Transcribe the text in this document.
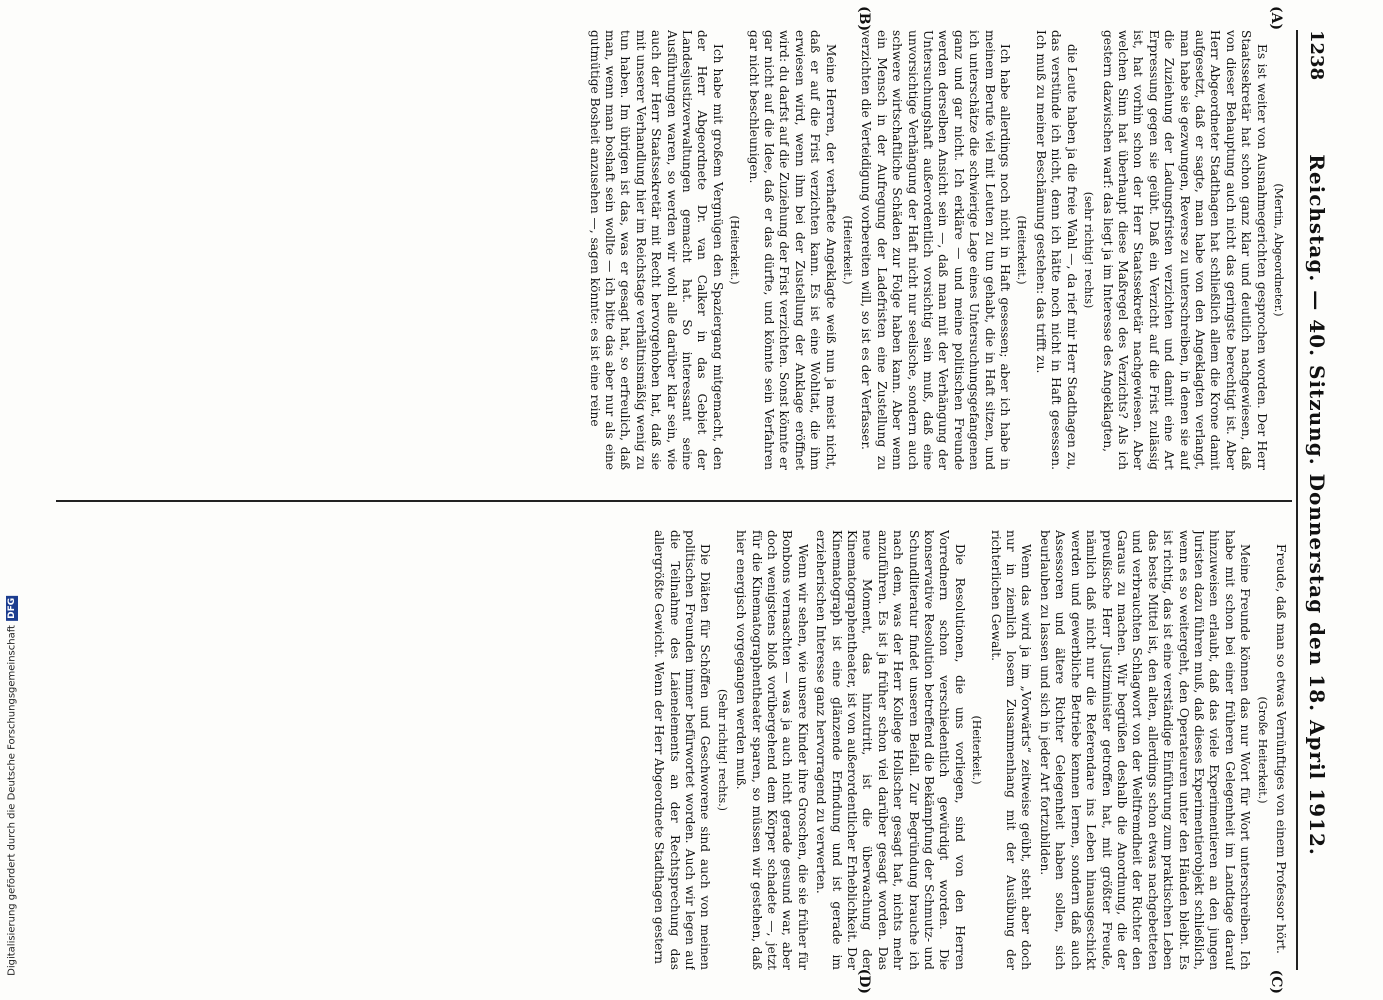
1238
Reichstag. — 40. Sitzung. Donnerstag den 18. April 1912.
(A)
(B)
(C)
(D)

(Mertin, Abgeordneter.)

Es ist weiter von Ausnahmegerichten gesprochen worden. Der Herr Staatssekretär hat schon ganz klar und deutlich nachgewiesen, daß von dieser Behauptung auch nicht das geringste berechtigt ist. Aber Herr Abgeordneter Stadthagen hat schließlich allem die Krone damit aufgesetzt, daß er sagte, man habe von den Angeklagten verlangt, man habe sie gezwungen, Reverse zu unterschreiben, in denen sie auf die Zuziehung der Ladungsfristen verzichten und damit eine Art Erpressung gegen sie geübt. Daß ein Verzicht auf die Frist zulässig ist, hat vorhin schon der Herr Staatssekretär nachgewiesen. Aber welchen Sinn hat überhaupt diese Maßregel des Verzichts? Als ich gestern dazwischen warf: das liegt ja im Interesse des Angeklagten,

(sehr richtig! rechts)

die Leute haben ja die freie Wahl —, da rief mir Herr Stadthagen zu, das verstünde ich nicht, denn ich hätte noch nicht in Haft gesessen. Ich muß zu meiner Beschämung gestehen: das trifft zu.

(Heiterkeit.)

Ich habe allerdings noch nicht in Haft gesessen; aber ich habe in meinem Berufe viel mit Leuten zu tun gehabt, die in Haft sitzen, und ich unterschätze die schwierige Lage eines Untersuchungsgefangenen ganz und gar nicht. Ich erkläre — und meine politischen Freunde werden derselben Ansicht sein —, daß man mit der Verhängung der Untersuchungshaft außerordentlich vorsichtig sein muß, daß eine unvorsichtige Verhängung der Haft nicht nur seelische, sondern auch schwere wirtschaftliche Schäden zur Folge haben kann. Aber wenn ein Mensch in der Aufregung der Ladefristen eine Zustellung zu verzichten die Verteidigung vorbereiten will, so ist es der Verfasser.

(Heiterkeit.)

Meine Herren, der verhaftete Angeklagte weiß nun ja meist nicht, daß er auf die Frist verzichten kann. Es ist eine Wohltat, die ihm erwiesen wird, wenn ihm bei der Zustellung der Anklage eröffnet wird: du darfst auf die Zuziehung der Frist verzichten. Sonst könnte er gar nicht auf die Idee, daß er das dürfte, und könnte sein Verfahren gar nicht beschleunigen.

(Heiterkeit.)

Ich habe mit großem Vergnügen den Spaziergang mitgemacht, den der Herr Abgeordnete Dr. van Calker in das Gebiet der Landesjustizverwaltungen gemacht hat. So interessant seine Ausführungen waren, so werden wir wohl alle darüber klar sein, wie auch der Herr Staatssekretär mit Recht hervorgehoben hat, daß sie mit unserer Verhandlung hier im Reichstage verhältnismäßig wenig zu tun haben. Im übrigen ist das, was er gesagt hat, so erfreulich, daß man, wenn man boshaft sein wollte — ich bitte das aber nur als eine gutmütige Bosheit anzusehen —, sagen könnte: es ist eine reine

Freude, daß man so etwas Vernünftiges von einem Professor hört.

(Große Heiterkeit.)

Meine Freunde können das nur Wort für Wort unterschreiben. Ich habe mit schon bei einer früheren Gelegenheit im Landtage darauf hinzuweisen erlaubt, daß das viele Experimentieren an den jungen Juristen dazu führen muß, daß dieses Experimentierobjekt schließlich, wenn es so weitergeht, den Operateuren unter den Händen bleibt. Es ist richtig, das ist eine verständige Einführung zum praktischen Leben das beste Mittel ist, den alten, allerdings schon etwas nachgebetteten und verbrauchten Schlagwort von der Weltfremdheit der Richter den Garaus zu machen. Wir begrüßen deshalb die Anordnung, die der preußische Herr Justizminister getroffen hat, mit größter Freude, nämlich daß nicht nur die Referendare ins Leben hinausgeschickt werden und gewerbliche Betriebe kennen lernen, sondern daß auch Assessoren und ältere Richter Gelegenheit haben sollen, sich beurlauben zu lassen und sich in jeder Art fortzubilden.

Wenn das wird ja im „Vorwärts“ zeitweise geübt, steht aber doch nur in ziemlich losem Zusammenhang mit der Ausübung der richterlichen Gewalt.

(Heiterkeit.)

Die Resolutionen, die uns vorliegen, sind von den Herren Vorrednern schon verschiedentlich gewürdigt worden. Die konservative Resolution betreffend die Bekämpfung der Schmutz- und Schundliteratur findet unseren Beifall. Zur Begründung brauche ich nach dem, was der Herr Kollege Hollscher gesagt hat, nichts mehr anzuführen. Es ist ja früher schon viel darüber gesagt worden. Das neue Moment, das hinzutritt, ist die überwachung der Kinematographentheater, ist von außerordentlicher Erheblichkeit. Der Kinematograph ist eine glänzende Erfindung und ist gerade im erzieherischen Interesse ganz hervorragend zu verwerten.

Wenn wir sehen, wie unsere Kinder ihre Groschen, die sie früher für Bonbons vernaschten — was ja auch nicht gerade gesund war, aber doch wenigstens bloß vorübergehend dem Körper schadete —, jetzt für die Kinematographentheater sparen, so müssen wir gestehen, daß hier energisch vorgegangen werden muß.

(Sehr richtig! rechts.)

Die Diäten für Schöffen und Geschworene sind auch von meinen politischen Freunden immer befürwortet worden. Auch wir legen auf die Teilnahme des Laienelements an der Rechtsprechung das allergrößte Gewicht. Wenn der Herr Abgeordnete Stadthagen gestern

Digitalisierung gefördert durch die Deutsche Forschungsgemeinschaft
DFG
